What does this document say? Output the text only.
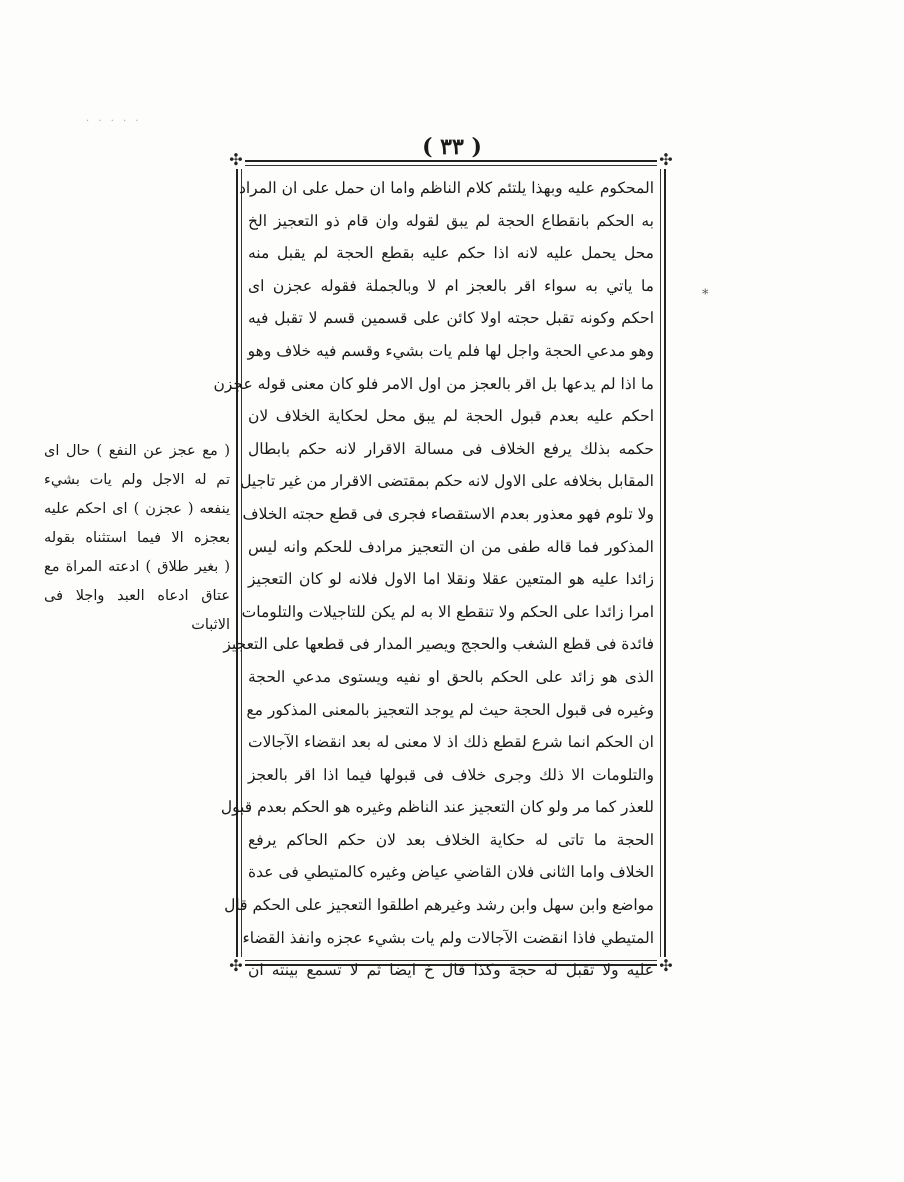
· · · · ·
( ٣٣ )
✣	✣
✣	✣
المحكوم عليه وبهذا يلتئم كلام الناظم واما ان حمل على ان المراد
به الحكم بانقطاع الحجة لم يبق لقوله وان قام ذو التعجيز الخ
محل يحمل عليه لانه اذا حكم عليه بقطع الحجة لم يقبل منه
ما ياتي به سواء اقر بالعجز ام لا وبالجملة فقوله عجزن اى
احكم وكونه تقبل حجته اولا كائن على قسمين قسم لا تقبل فيه
وهو مدعي الحجة واجل لها فلم يات بشيء وقسم فيه خلاف وهو
ما اذا لم يدعها بل اقر بالعجز من اول الامر فلو كان معنى قوله عجزن
احكم عليه بعدم قبول الحجة لم يبق محل لحكاية الخلاف لان
حكمه بذلك يرفع الخلاف فى مسالة الاقرار لانه حكم بابطال
المقابل بخلافه على الاول لانه حكم بمقتضى الاقرار من غير تاجيل
ولا تلوم فهو معذور بعدم الاستقصاء فجرى فى قطع حجته الخلاف
المذكور فما قاله طفى من ان التعجيز مرادف للحكم وانه ليس
زائدا عليه هو المتعين عقلا ونقلا اما الاول فلانه لو كان التعجيز
امرا زائدا على الحكم ولا تنقطع الا به لم يكن للتاجيلات والتلومات
فائدة فى قطع الشغب والحجج ويصير المدار فى قطعها على التعجيز
الذى هو زائد على الحكم بالحق او نفيه ويستوى مدعي الحجة
وغيره فى قبول الحجة حيث لم يوجد التعجيز بالمعنى المذكور مع
ان الحكم انما شرع لقطع ذلك اذ لا معنى له بعد انقضاء الآجالات
والتلومات الا ذلك وجرى خلاف فى قبولها فيما اذا اقر بالعجز
للعذر كما مر ولو كان التعجيز عند الناظم وغيره هو الحكم بعدم قبول
الحجة ما تاتى له حكاية الخلاف بعد لان حكم الحاكم يرفع
الخلاف واما الثانى فلان القاضي عياض وغيره كالمتيطي فى عدة
مواضع وابن سهل وابن رشد وغيرهم اطلقوا التعجيز على الحكم قال
المتيطي فاذا انقضت الآجالات ولم يات بشيء عجزه وانفذ القضاء
عليه ولا تقبل له حجة وكذا قال خ ايضا ثم لا تسمع بينته ان
( مع عجز عن النفع ) حال اى
تم له الاجل ولم يات بشيء
ينفعه ( عجزن ) اى احكم عليه
بعجزه الا فيما استثناه بقوله
( بغير طلاق ) ادعته المراة مع
عتاق ادعاه العبد واجلا فى
الاثبات
⁎
